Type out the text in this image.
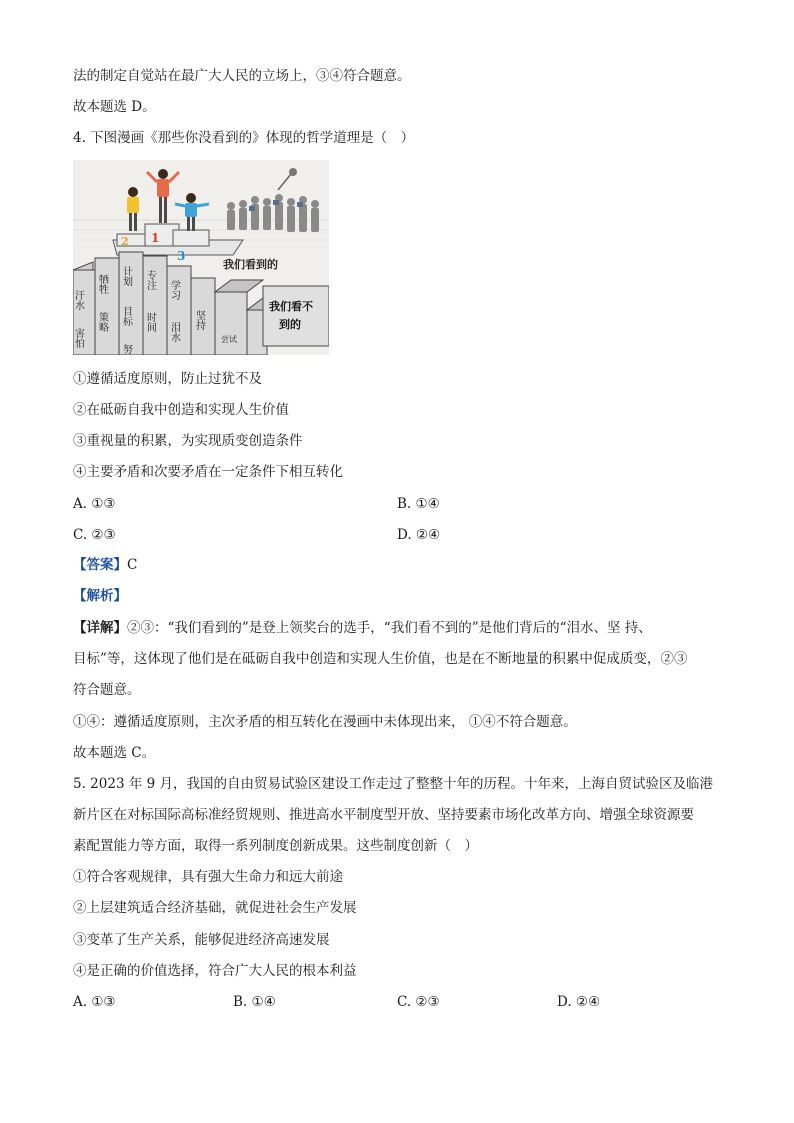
法的制定自觉站在最广大人民的立场上，③④符合题意。
故本题选 D。
4. 下图漫画《那些你没看到的》体现的哲学道理是（　）
2 1
3
我们看到的
我们看不
到的
汗水
害怕
牺牲
策略
计划
目标
努
专注
时间
学习
泪水
坚持
尝试
①遵循适度原则，防止过犹不及
②在砥砺自我中创造和实现人生价值
③重视量的积累，为实现质变创造条件
④主要矛盾和次要矛盾在一定条件下相互转化
A. ①③	B. ①④
C. ②③	D. ②④
【答案】C
【解析】
【详解】②③：“我们看到的”是登上领奖台的选手，“我们看不到的”是他们背后的“泪水、坚 持、
目标”等，这体现了他们是在砥砺自我中创造和实现人生价值，也是在不断地量的积累中促成质变，②③
符合题意。
①④：遵循适度原则，主次矛盾的相互转化在漫画中未体现出来， ①④不符合题意。
故本题选 C。
5. 2023 年 9 月，我国的自由贸易试验区建设工作走过了整整十年的历程。十年来，上海自贸试验区及临港
新片区在对标国际高标准经贸规则、推进高水平制度型开放、坚持要素市场化改革方向、增强全球资源要
素配置能力等方面，取得一系列制度创新成果。这些制度创新（　）
①符合客观规律，具有强大生命力和远大前途
②上层建筑适合经济基础，就促进社会生产发展
③变革了生产关系，能够促进经济高速发展
④是正确的价值选择，符合广大人民的根本利益
A. ①③	B. ①④	C. ②③	D. ②④
